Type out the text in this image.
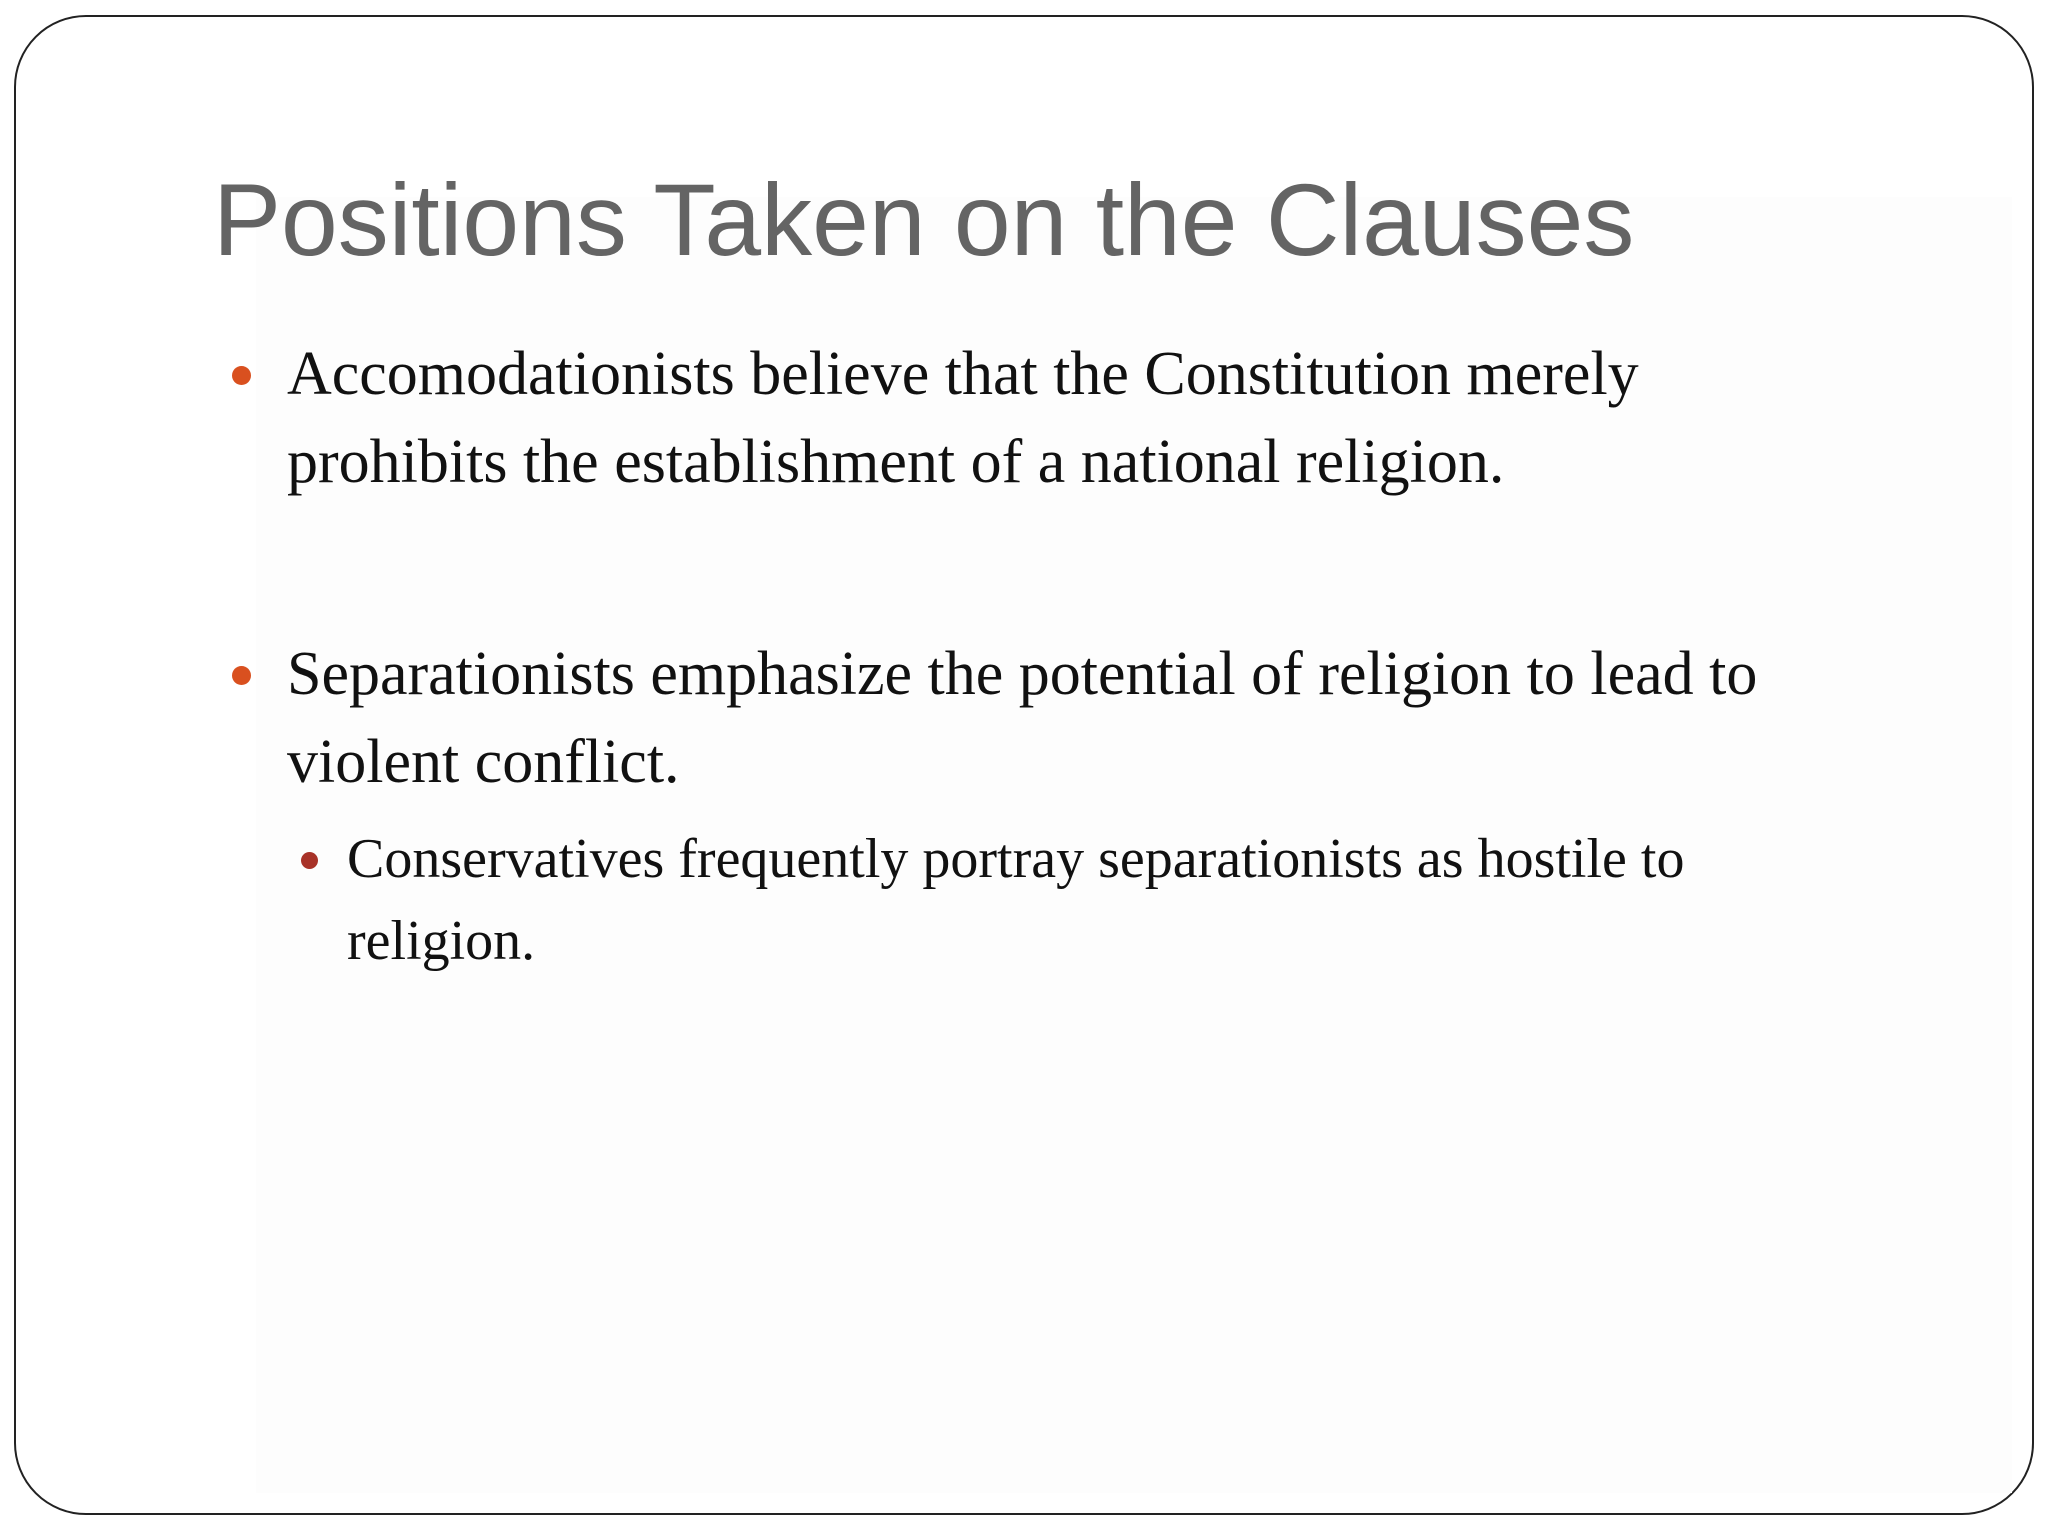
Positions Taken on the Clauses
Accomodationists believe that the Constitution merely prohibits the establishment of a national religion.
Separationists emphasize the potential of religion to lead to violent conflict.
Conservatives frequently portray separationists as hostile to religion.
